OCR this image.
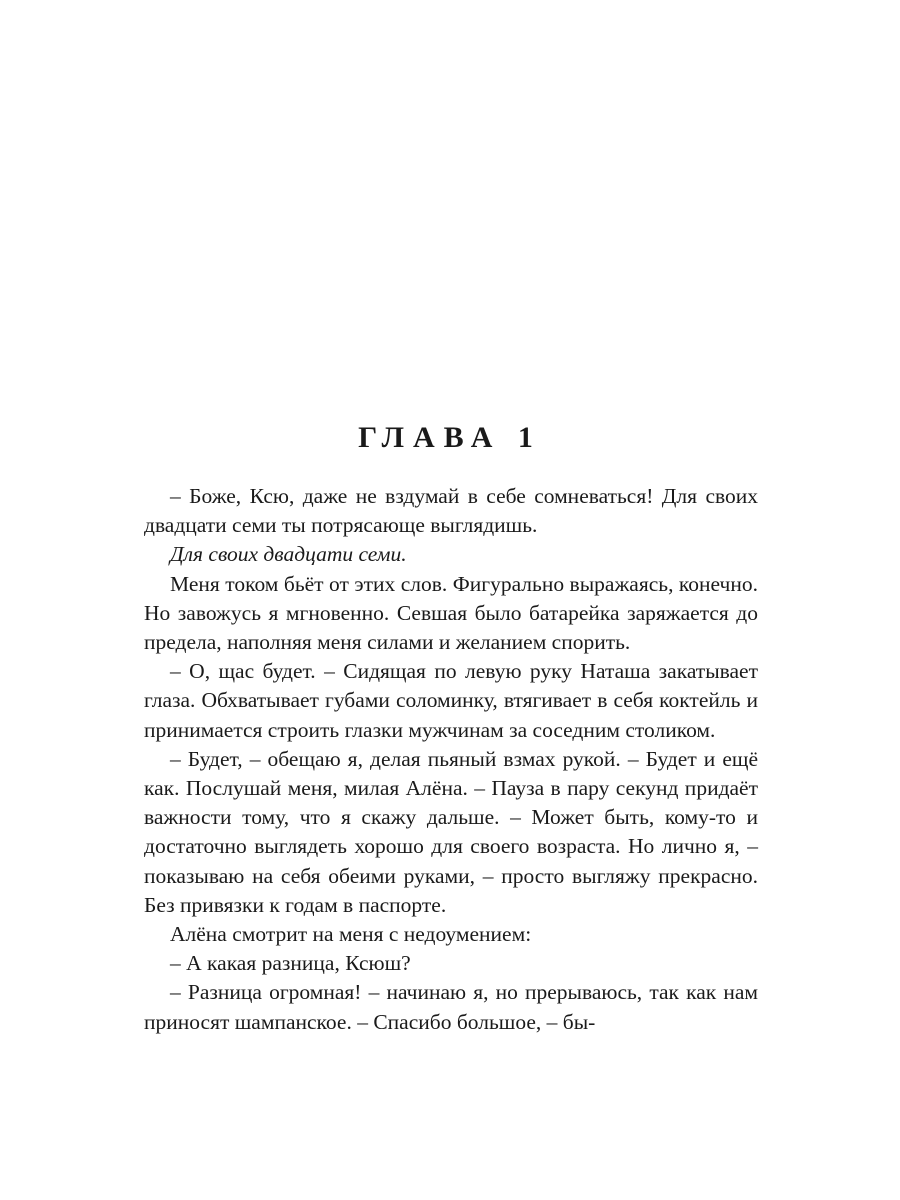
ГЛАВА 1

– Боже, Ксю, даже не вздумай в себе сомневаться! Для своих двадцати семи ты потрясающе выглядишь.

Для своих двадцати семи.

Меня током бьёт от этих слов. Фигурально выражаясь, конечно. Но завожусь я мгновенно. Севшая было батарейка заряжается до предела, наполняя меня силами и желанием спорить.

– О, щас будет. – Сидящая по левую руку Наташа закатывает глаза. Обхватывает губами соломинку, втягивает в себя коктейль и принимается строить глазки мужчинам за соседним столиком.

– Будет, – обещаю я, делая пьяный взмах рукой. – Будет и ещё как. Послушай меня, милая Алёна. – Пауза в пару секунд придаёт важности тому, что я скажу дальше. – Может быть, кому-то и достаточно выглядеть хорошо для своего возраста. Но лично я, – показываю на себя обеими руками, – просто выгляжу прекрасно. Без привязки к годам в паспорте.

Алёна смотрит на меня с недоумением:

– А какая разница, Ксюш?

– Разница огромная! – начинаю я, но прерываюсь, так как нам приносят шампанское. – Спасибо большое, – бы-
